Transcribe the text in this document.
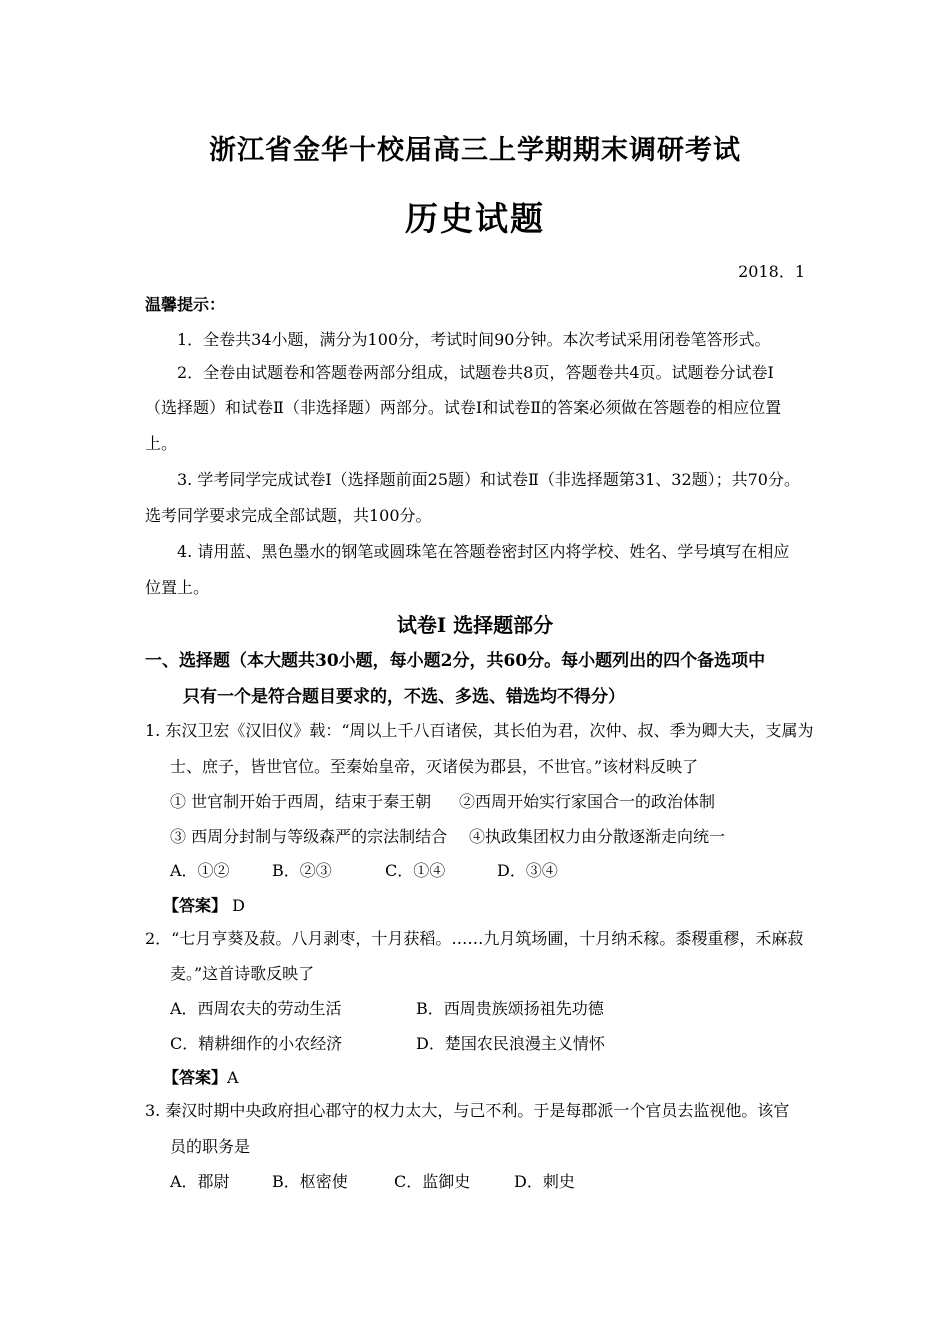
浙江省金华十校届高三上学期期末调研考试
历史试题
2018．1
温馨提示：
1．全卷共34小题，满分为100分，考试时间90分钟。本次考试采用闭卷笔答形式。
2．全卷由试题卷和答题卷两部分组成，试题卷共8页，答题卷共4页。试题卷分试卷Ⅰ
（选择题）和试卷Ⅱ（非选择题）两部分。试卷Ⅰ和试卷Ⅱ的答案必须做在答题卷的相应位置
上。
3. 学考同学完成试卷Ⅰ（选择题前面25题）和试卷Ⅱ（非选择题第31、32题）；共70分。
选考同学要求完成全部试题，共100分。
4. 请用蓝、黑色墨水的钢笔或圆珠笔在答题卷密封区内将学校、姓名、学号填写在相应
位置上。
试卷Ⅰ 选择题部分
一、选择题（本大题共30小题，每小题2分，共60分。每小题列出的四个备选项中
只有一个是符合题目要求的，不选、多选、错选均不得分）
1. 东汉卫宏《汉旧仪》载：“周以上千八百诸侯，其长伯为君，次仲、叔、季为卿大夫，支属为
士、庶子，皆世官位。至秦始皇帝，灭诸侯为郡县，不世官。”该材料反映了
① 世官制开始于西周，结束于秦王朝 ②西周开始实行家国合一的政治体制
③ 西周分封制与等级森严的宗法制结合 ④执政集团权力由分散逐渐走向统一
A．①②	B．②③	C．①④	D．③④
【答案】 D
2．“七月亨葵及菽。八月剥枣，十月获稻。……九月筑场圃，十月纳禾稼。黍稷重穋，禾麻菽
麦。”这首诗歌反映了
A．西周农夫的劳动生活	B．西周贵族颂扬祖先功德
C．精耕细作的小农经济	D．楚国农民浪漫主义情怀
【答案】A
3. 秦汉时期中央政府担心郡守的权力太大，与己不利。于是每郡派一个官员去监视他。该官
员的职务是
A．郡尉	B．枢密使	C．监御史	D．刺史
